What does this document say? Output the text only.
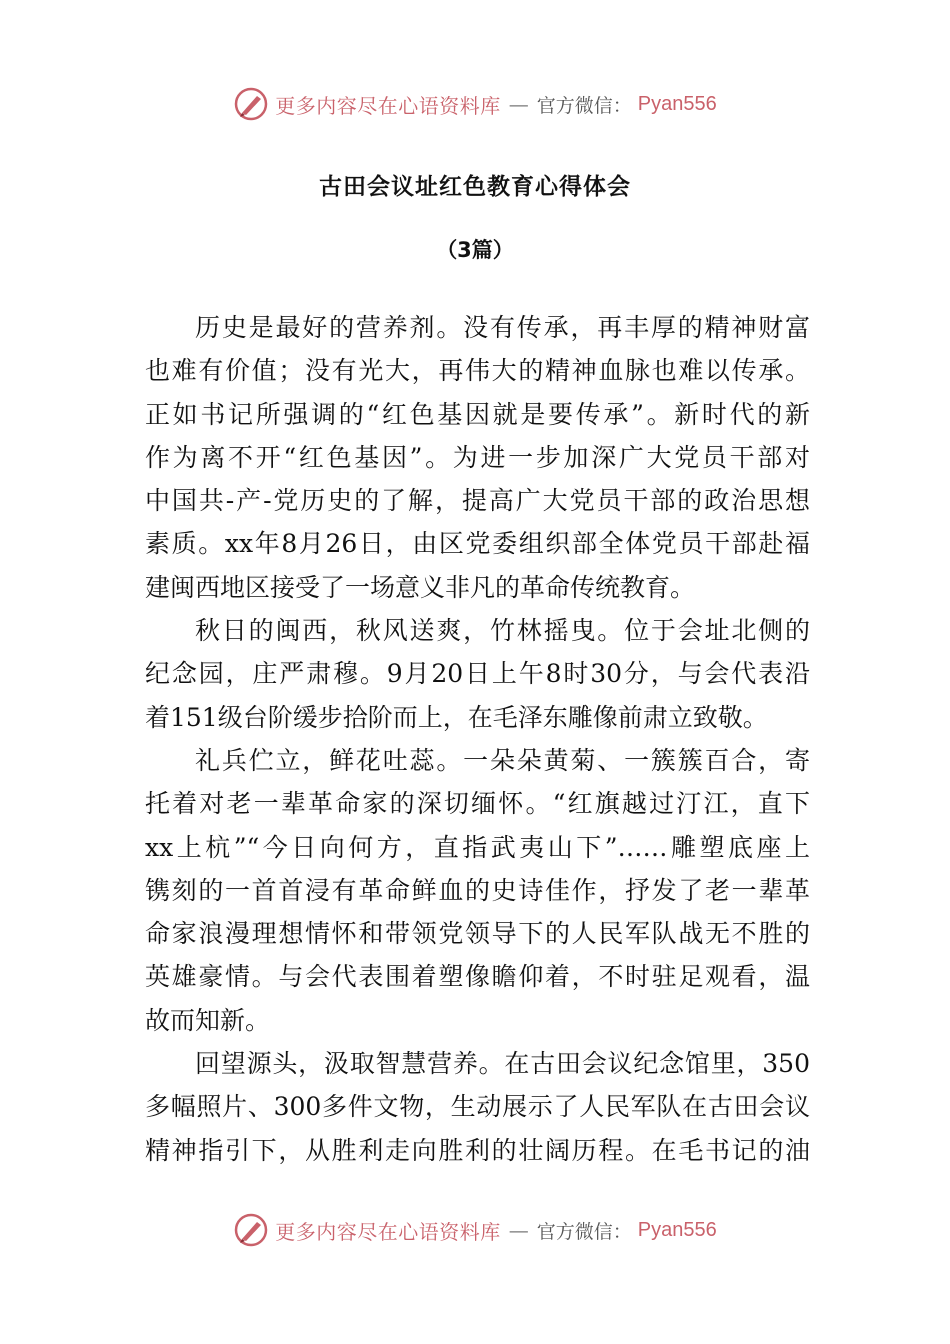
更多内容尽在心语资料库 — 官方微信： Pyan556
古田会议址红色教育心得体会
（3篇）
历史是最好的营养剂。没有传承，再丰厚的精神财富
也难有价值；没有光大，再伟大的精神血脉也难以传承。
正如书记所强调的“红色基因就是要传承”。新时代的新
作为离不开“红色基因”。为进一步加深广大党员干部对
中国共-产-党历史的了解，提高广大党员干部的政治思想
素质。xx年8月26日，由区党委组织部全体党员干部赴福
建闽西地区接受了一场意义非凡的革命传统教育。
秋日的闽西，秋风送爽，竹林摇曳。位于会址北侧的
纪念园，庄严肃穆。9月20日上午8时30分，与会代表沿
着151级台阶缓步拾阶而上，在毛泽东雕像前肃立致敬。
礼兵伫立，鲜花吐蕊。一朵朵黄菊、一簇簇百合，寄
托着对老一辈革命家的深切缅怀。“红旗越过汀江，直下
xx上杭”“今日向何方，直指武夷山下”……雕塑底座上
镌刻的一首首浸有革命鲜血的史诗佳作，抒发了老一辈革
命家浪漫理想情怀和带领党领导下的人民军队战无不胜的
英雄豪情。与会代表围着塑像瞻仰着，不时驻足观看，温
故而知新。
回望源头，汲取智慧营养。在古田会议纪念馆里，350
多幅照片、300多件文物，生动展示了人民军队在古田会议
精神指引下，从胜利走向胜利的壮阔历程。在毛书记的油
更多内容尽在心语资料库 — 官方微信： Pyan556
